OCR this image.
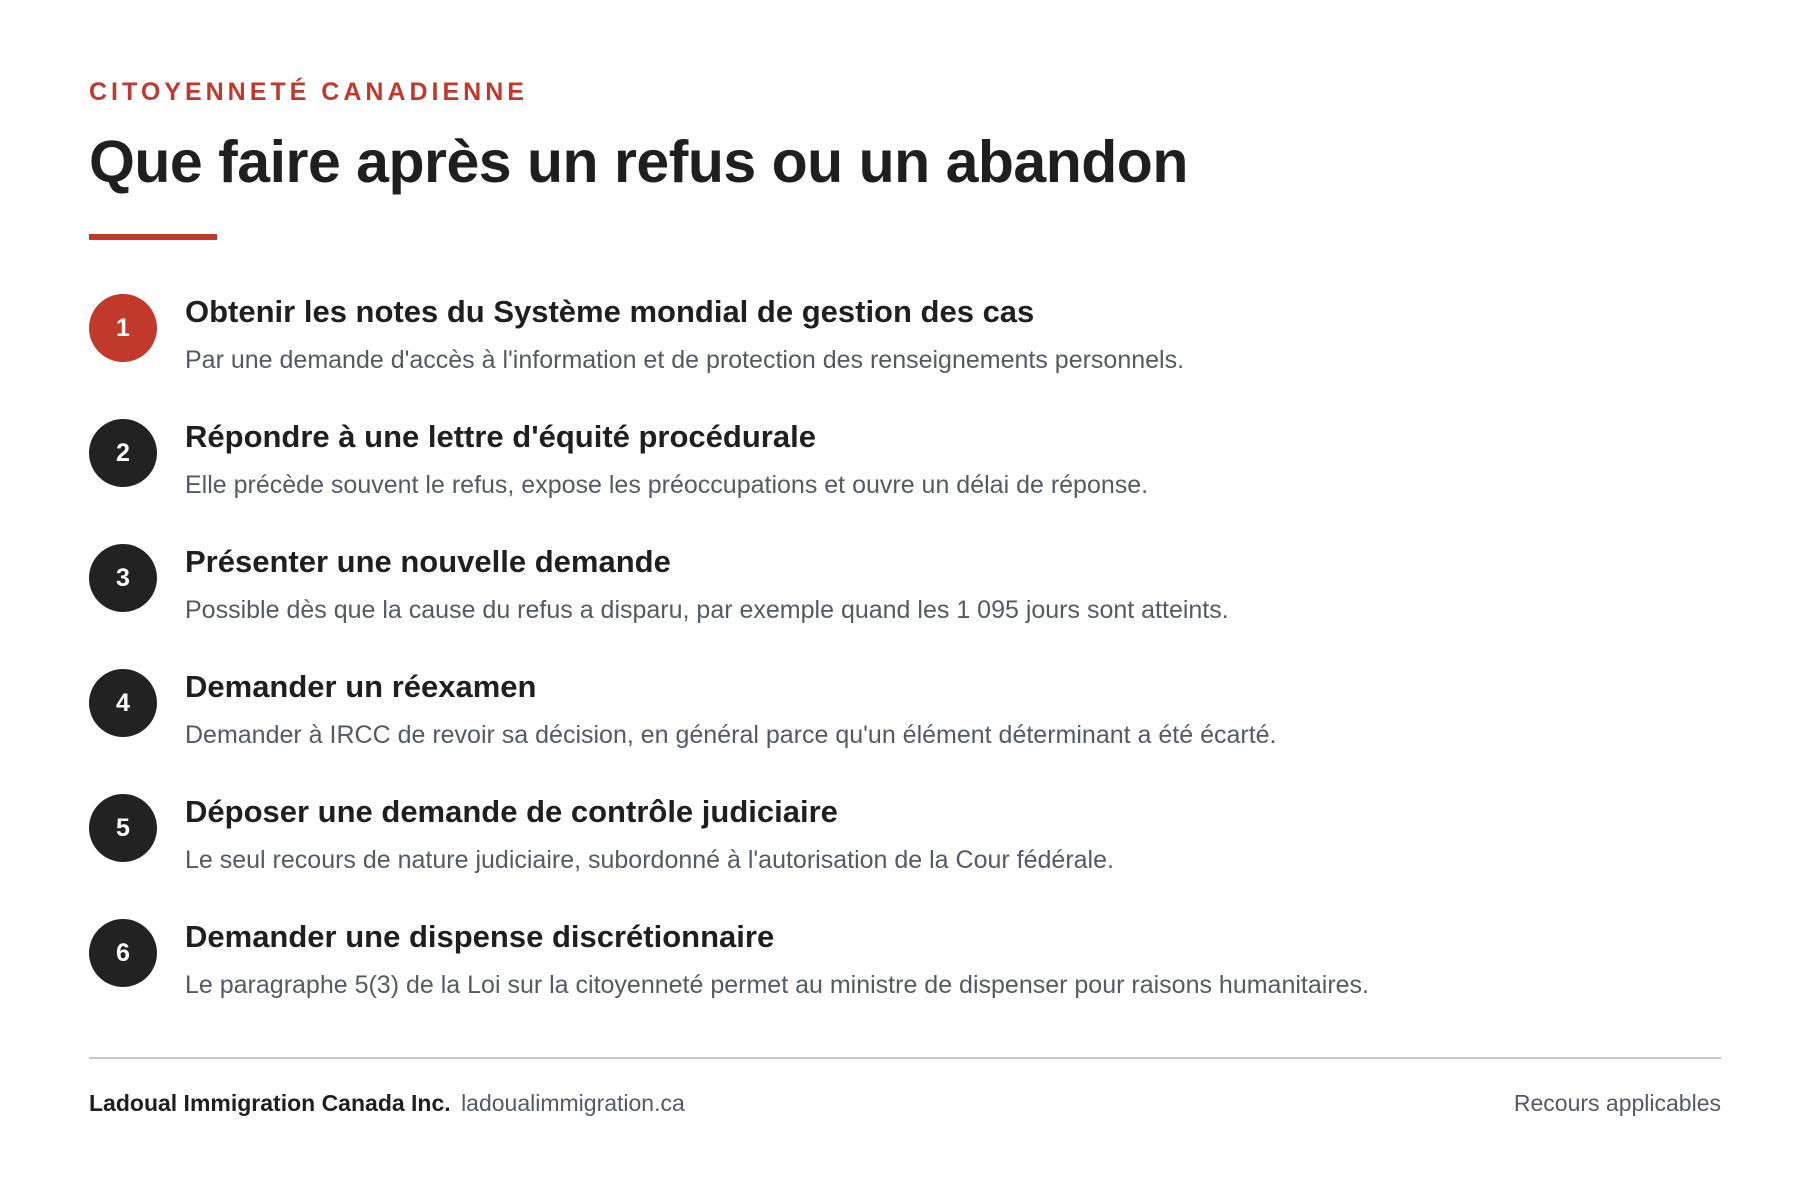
CITOYENNETÉ CANADIENNE
Que faire après un refus ou un abandon
1	Obtenir les notes du Système mondial de gestion des cas
Par une demande d'accès à l'information et de protection des renseignements personnels.
2	Répondre à une lettre d'équité procédurale
Elle précède souvent le refus, expose les préoccupations et ouvre un délai de réponse.
3	Présenter une nouvelle demande
Possible dès que la cause du refus a disparu, par exemple quand les 1 095 jours sont atteints.
4	Demander un réexamen
Demander à IRCC de revoir sa décision, en général parce qu'un élément déterminant a été écarté.
5	Déposer une demande de contrôle judiciaire
Le seul recours de nature judiciaire, subordonné à l'autorisation de la Cour fédérale.
6	Demander une dispense discrétionnaire
Le paragraphe 5(3) de la Loi sur la citoyenneté permet au ministre de dispenser pour raisons humanitaires.
Ladoual Immigration Canada Inc. ladoualimmigration.ca	Recours applicables
